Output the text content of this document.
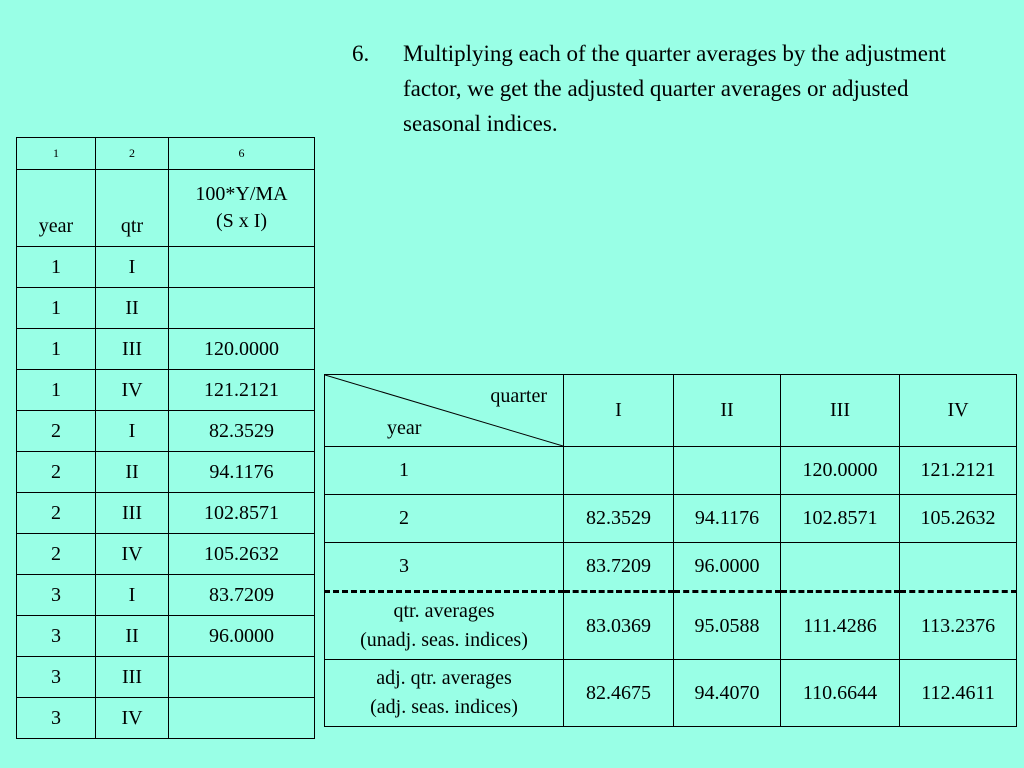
6. Multiplying each of the quarter averages by the adjustment factor, we get the adjusted quarter averages or adjusted seasonal indices.
1	2	6
year	qtr	100*Y/MA
(S x I)

1	I	
1	II	
1	III	120.0000
1	IV	121.2121
2	I	82.3529
2	II	94.1176
2	III	102.8571
2	IV	105.2632
3	I	83.7209
3	II	96.0000
3	III	
3	IV	
quarter
year	I	II	III	IV
1			120.0000	121.2121
2	82.3529	94.1176	102.8571	105.2632
3	83.7209	96.0000		

qtr. averages
(unadj. seas. indices)	83.0369	95.0588	111.4286	113.2376

adj. qtr. averages
(adj. seas. indices)	82.4675	94.4070	110.6644	112.4611
